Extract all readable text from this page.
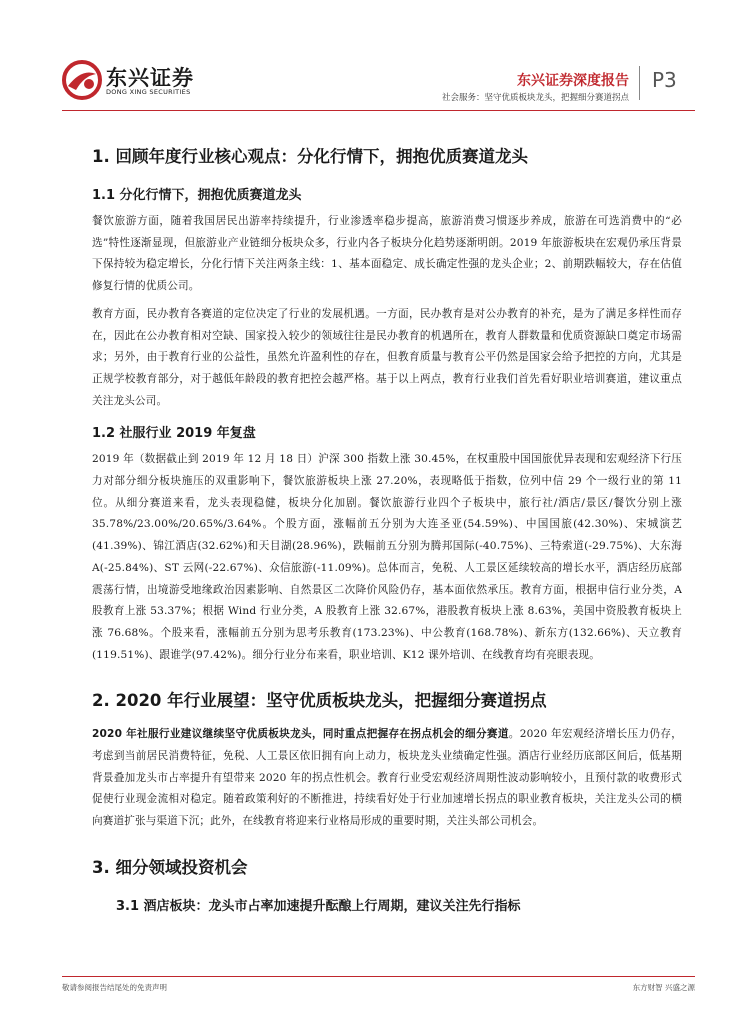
东兴证券
DONG XING SECURITIES
东兴证券深度报告
社会服务：坚守优质板块龙头，把握细分赛道拐点
P3
1. 回顾年度行业核心观点：分化行情下，拥抱优质赛道龙头
1.1 分化行情下，拥抱优质赛道龙头

餐饮旅游方面，随着我国居民出游率持续提升，行业渗透率稳步提高，旅游消费习惯逐步养成，旅游在可选消费中的“必选”特性逐渐显现，但旅游业产业链细分板块众多，行业内各子板块分化趋势逐渐明朗。2019 年旅游板块在宏观仍承压背景下保持较为稳定增长，分化行情下关注两条主线：1、基本面稳定、成长确定性强的龙头企业；2、前期跌幅较大，存在估值修复行情的优质公司。

教育方面，民办教育各赛道的定位决定了行业的发展机遇。一方面，民办教育是对公办教育的补充，是为了满足多样性而存在，因此在公办教育相对空缺、国家投入较少的领域往往是民办教育的机遇所在，教育人群数量和优质资源缺口奠定市场需求；另外，由于教育行业的公益性，虽然允许盈利性的存在，但教育质量与教育公平仍然是国家会给予把控的方向，尤其是正规学校教育部分，对于越低年龄段的教育把控会越严格。基于以上两点，教育行业我们首先看好职业培训赛道，建议重点关注龙头公司。

1.2 社服行业 2019 年复盘

2019 年（数据截止到 2019 年 12 月 18 日）沪深 300 指数上涨 30.45%，在权重股中国国旅优异表现和宏观经济下行压力对部分细分板块施压的双重影响下，餐饮旅游板块上涨 27.20%，表现略低于指数，位列中信 29 个一级行业的第 11 位。从细分赛道来看，龙头表现稳健，板块分化加剧。餐饮旅游行业四个子板块中，旅行社/酒店/景区/餐饮分别上涨 35.78%/23.00%/20.65%/3.64%。个股方面，涨幅前五分别为大连圣亚(54.59%)、中国国旅(42.30%)、宋城演艺(41.39%)、锦江酒店(32.62%)和天目湖(28.96%)，跌幅前五分别为腾邦国际(-40.75%)、三特索道(-29.75%)、大东海 A(-25.84%)、ST 云网(-22.67%)、众信旅游(-11.09%)。总体而言，免税、人工景区延续较高的增长水平，酒店经历底部震荡行情，出境游受地缘政治因素影响、自然景区二次降价风险仍存，基本面依然承压。教育方面，根据申信行业分类，A 股教育上涨 53.37%；根据 Wind 行业分类，A 股教育上涨 32.67%，港股教育板块上涨 8.63%，美国中资股教育板块上涨 76.68%。个股来看，涨幅前五分别为思考乐教育(173.23%)、中公教育(168.78%)、新东方(132.66%)、天立教育(119.51%)、跟谁学(97.42%)。细分行业分布来看，职业培训、K12 课外培训、在线教育均有亮眼表现。

2. 2020 年行业展望：坚守优质板块龙头，把握细分赛道拐点

2020 年社服行业建议继续坚守优质板块龙头，同时重点把握存在拐点机会的细分赛道。2020 年宏观经济增长压力仍存，考虑到当前居民消费特征，免税、人工景区依旧拥有向上动力，板块龙头业绩确定性强。酒店行业经历底部区间后，低基期背景叠加龙头市占率提升有望带来 2020 年的拐点性机会。教育行业受宏观经济周期性波动影响较小，且预付款的收费形式促使行业现金流相对稳定。随着政策利好的不断推进，持续看好处于行业加速增长拐点的职业教育板块，关注龙头公司的横向赛道扩张与渠道下沉；此外，在线教育将迎来行业格局形成的重要时期，关注头部公司机会。

3. 细分领域投资机会
3.1 酒店板块：龙头市占率加速提升酝酿上行周期，建议关注先行指标
敬请参阅报告结尾处的免责声明	东方财智 兴盛之源
